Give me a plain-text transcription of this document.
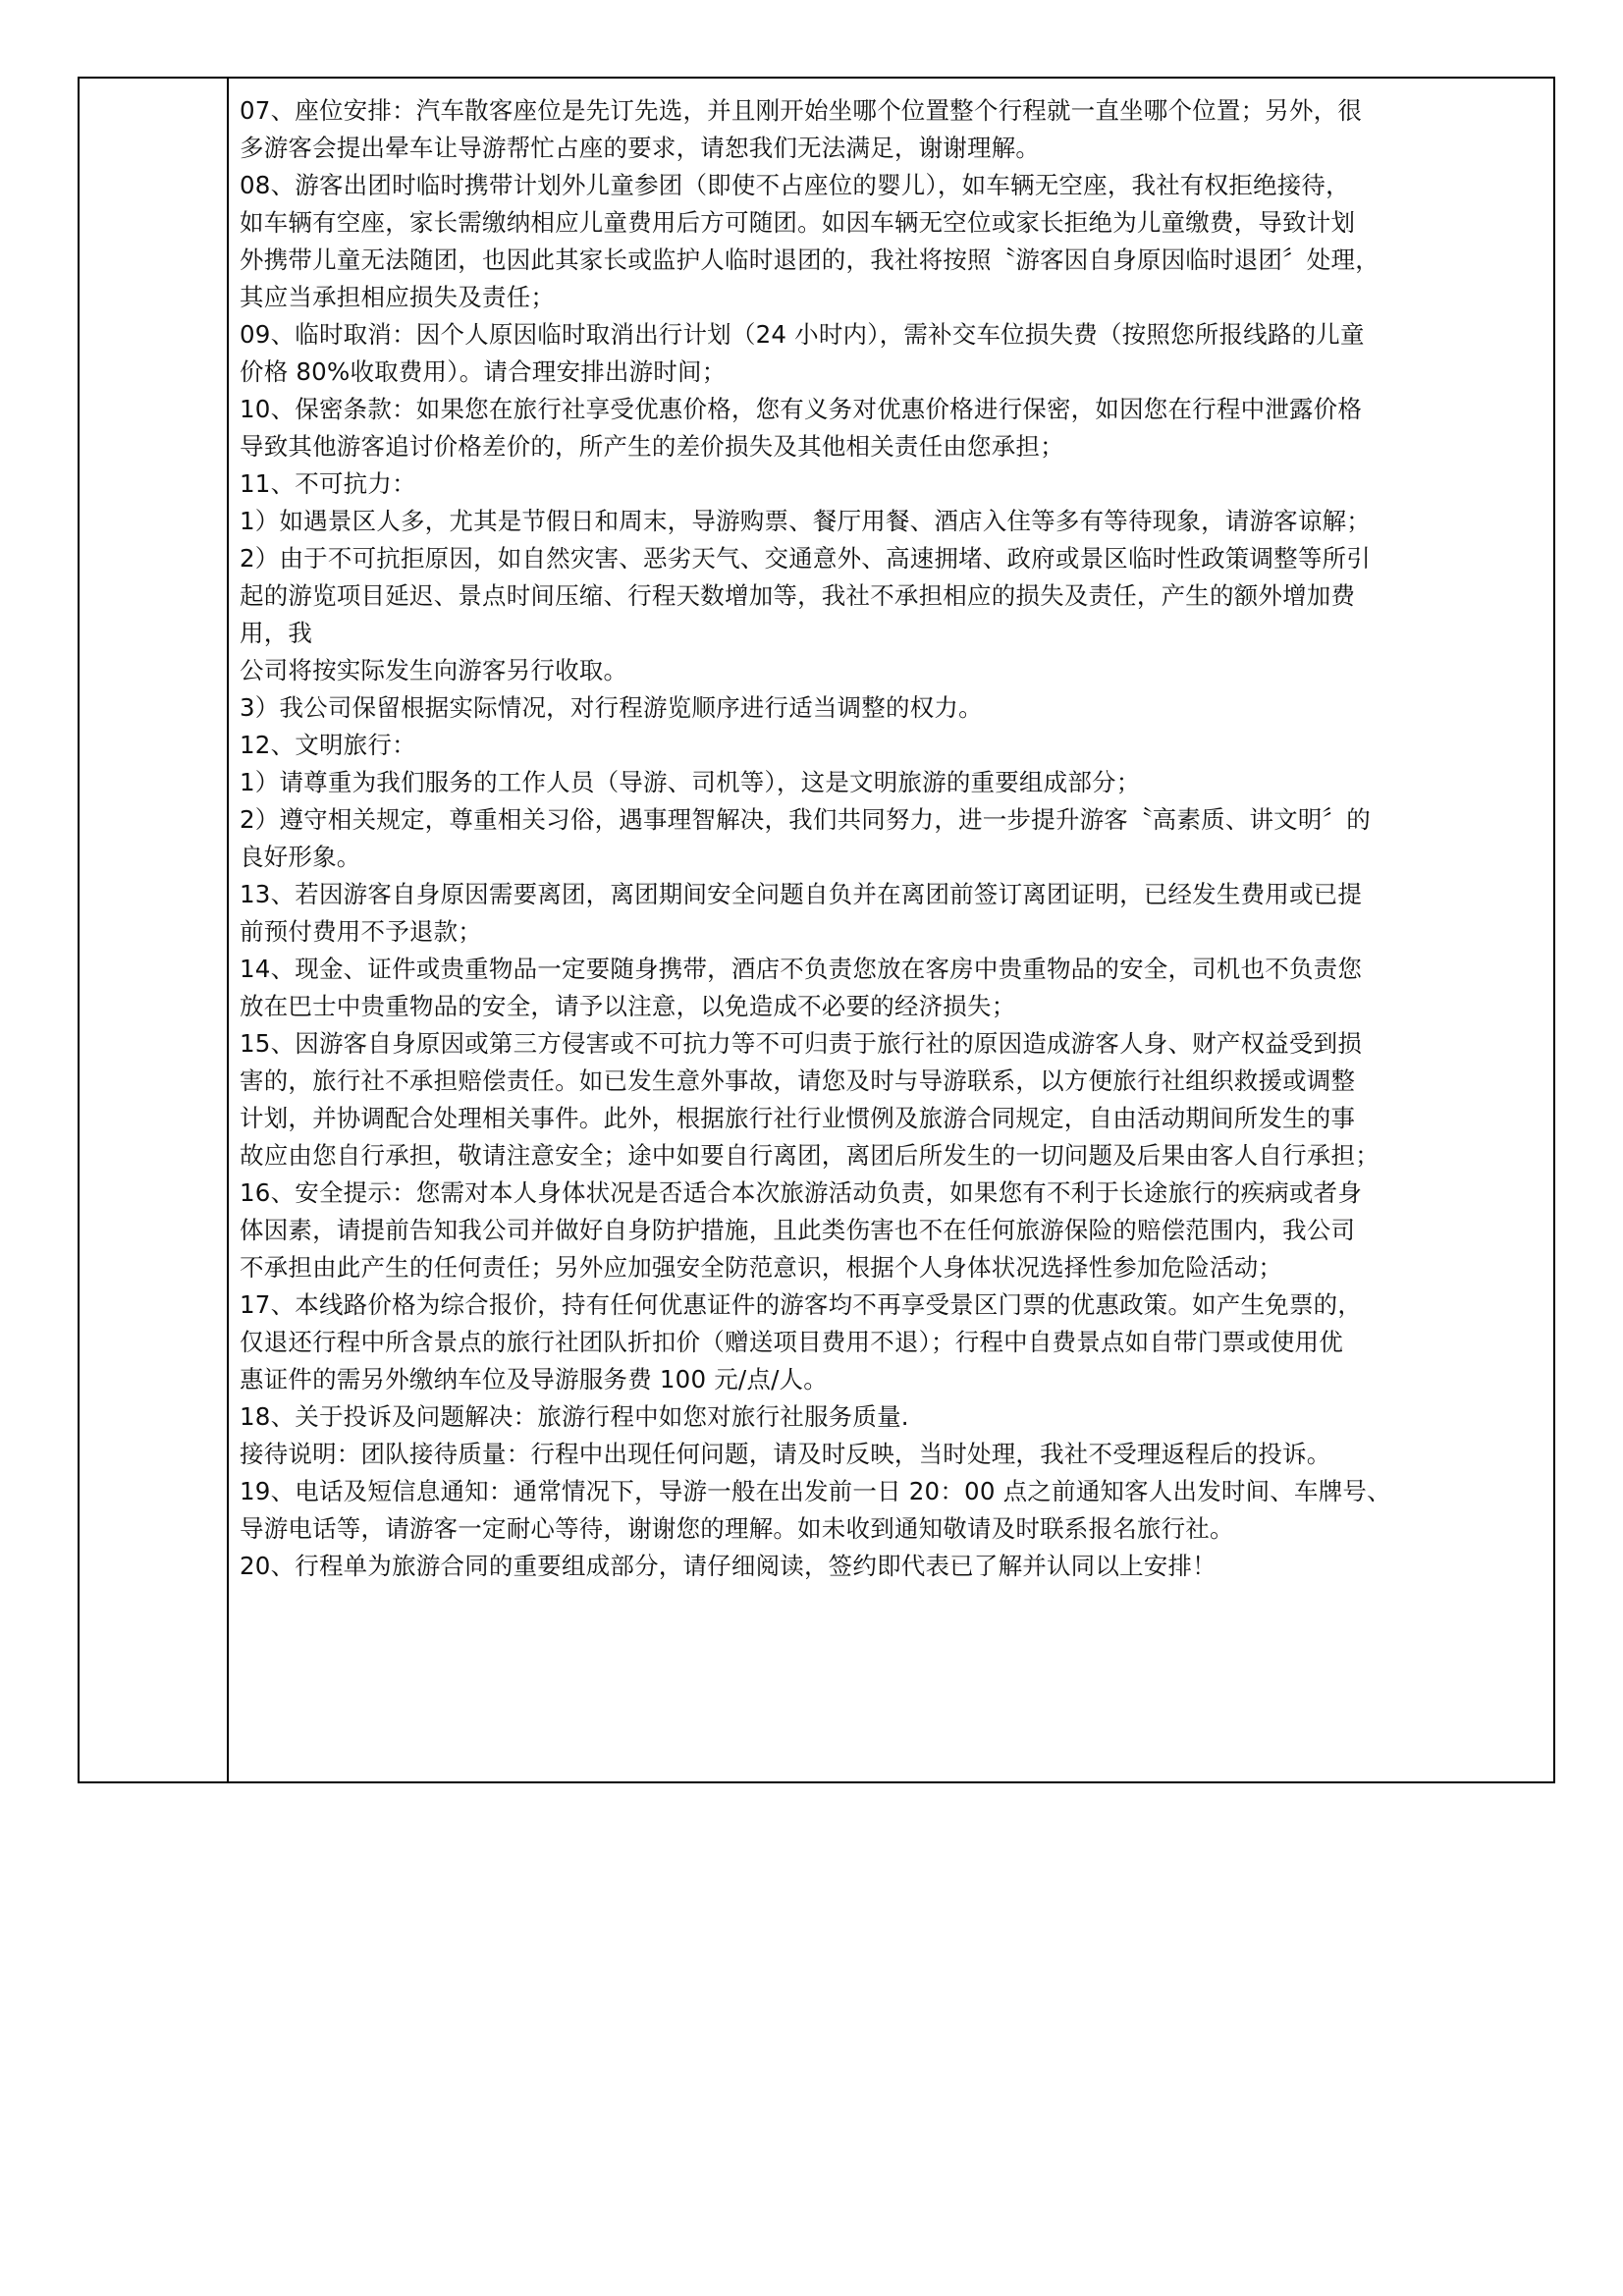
07、座位安排：汽车散客座位是先订先选，并且刚开始坐哪个位置整个行程就一直坐哪个位置；另外，很
多游客会提出晕车让导游帮忙占座的要求，请恕我们无法满足，谢谢理解。
08、游客出团时临时携带计划外儿童参团（即使不占座位的婴儿），如车辆无空座，我社有权拒绝接待，
如车辆有空座，家长需缴纳相应儿童费用后方可随团。如因车辆无空位或家长拒绝为儿童缴费，导致计划
外携带儿童无法随团，也因此其家长或监护人临时退团的，我社将按照〝游客因自身原因临时退团〞处理，
其应当承担相应损失及责任；
09、临时取消：因个人原因临时取消出行计划（24 小时内），需补交车位损失费（按照您所报线路的儿童
价格 80%收取费用）。请合理安排出游时间；
10、保密条款：如果您在旅行社享受优惠价格，您有义务对优惠价格进行保密，如因您在行程中泄露价格
导致其他游客追讨价格差价的，所产生的差价损失及其他相关责任由您承担；
11、不可抗力：
1）如遇景区人多，尤其是节假日和周末，导游购票、餐厅用餐、酒店入住等多有等待现象，请游客谅解；
2）由于不可抗拒原因，如自然灾害、恶劣天气、交通意外、高速拥堵、政府或景区临时性政策调整等所引
起的游览项目延迟、景点时间压缩、行程天数增加等，我社不承担相应的损失及责任，产生的额外增加费
用，我
公司将按实际发生向游客另行收取。
3）我公司保留根据实际情况，对行程游览顺序进行适当调整的权力。
12、文明旅行：
1）请尊重为我们服务的工作人员（导游、司机等），这是文明旅游的重要组成部分；
2）遵守相关规定，尊重相关习俗，遇事理智解决，我们共同努力，进一步提升游客〝高素质、讲文明〞的
良好形象。
13、若因游客自身原因需要离团，离团期间安全问题自负并在离团前签订离团证明，已经发生费用或已提
前预付费用不予退款；
14、现金、证件或贵重物品一定要随身携带，酒店不负责您放在客房中贵重物品的安全，司机也不负责您
放在巴士中贵重物品的安全，请予以注意，以免造成不必要的经济损失；
15、因游客自身原因或第三方侵害或不可抗力等不可归责于旅行社的原因造成游客人身、财产权益受到损
害的，旅行社不承担赔偿责任。如已发生意外事故，请您及时与导游联系，以方便旅行社组织救援或调整
计划，并协调配合处理相关事件。此外，根据旅行社行业惯例及旅游合同规定，自由活动期间所发生的事
故应由您自行承担，敬请注意安全；途中如要自行离团，离团后所发生的一切问题及后果由客人自行承担；
16、安全提示：您需对本人身体状况是否适合本次旅游活动负责，如果您有不利于长途旅行的疾病或者身
体因素，请提前告知我公司并做好自身防护措施，且此类伤害也不在任何旅游保险的赔偿范围内，我公司
不承担由此产生的任何责任；另外应加强安全防范意识，根据个人身体状况选择性参加危险活动；
17、本线路价格为综合报价，持有任何优惠证件的游客均不再享受景区门票的优惠政策。如产生免票的，
仅退还行程中所含景点的旅行社团队折扣价（赠送项目费用不退）；行程中自费景点如自带门票或使用优
惠证件的需另外缴纳车位及导游服务费 100 元/点/人。
18、关于投诉及问题解决：旅游行程中如您对旅行社服务质量.
接待说明：团队接待质量：行程中出现任何问题，请及时反映，当时处理，我社不受理返程后的投诉。
19、电话及短信息通知：通常情况下，导游一般在出发前一日 20：00 点之前通知客人出发时间、车牌号、
导游电话等，请游客一定耐心等待，谢谢您的理解。如未收到通知敬请及时联系报名旅行社。
20、行程单为旅游合同的重要组成部分，请仔细阅读，签约即代表已了解并认同以上安排！
